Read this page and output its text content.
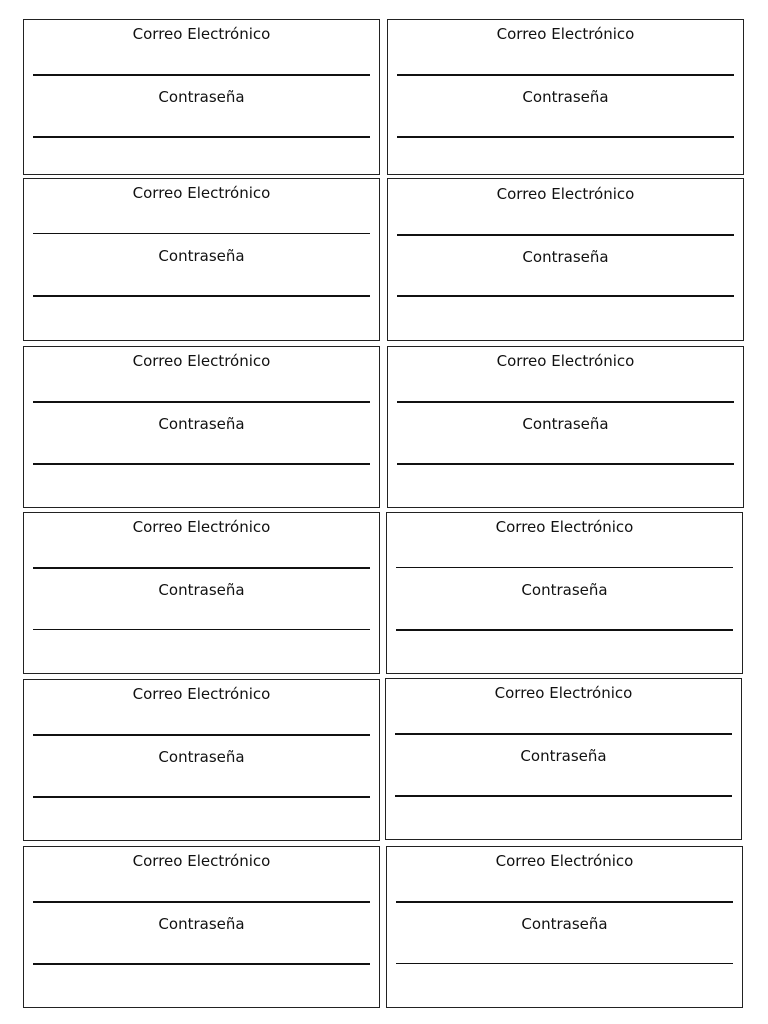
Correo Electrónico
Contraseña
Correo Electrónico
Contraseña
Correo Electrónico
Contraseña
Correo Electrónico
Contraseña
Correo Electrónico
Contraseña
Correo Electrónico
Contraseña
Correo Electrónico
Contraseña
Correo Electrónico
Contraseña
Correo Electrónico
Contraseña
Correo Electrónico
Contraseña
Correo Electrónico
Contraseña
Correo Electrónico
Contraseña
